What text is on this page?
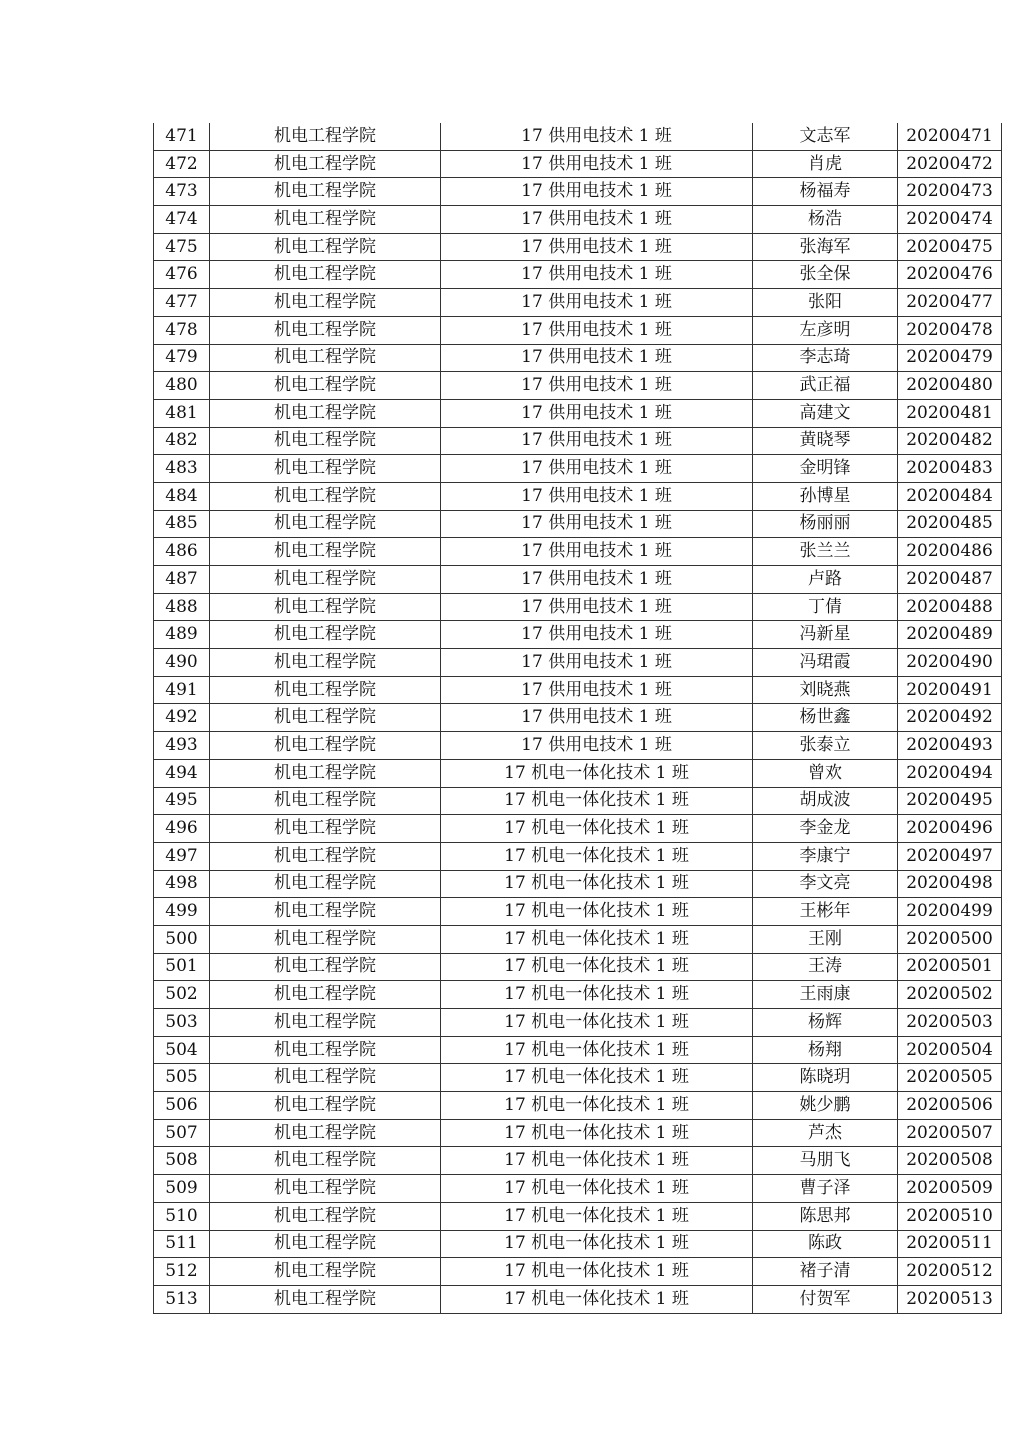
471	机电工程学院	17 供用电技术 1 班	文志军	20200471
472	机电工程学院	17 供用电技术 1 班	肖虎	20200472
473	机电工程学院	17 供用电技术 1 班	杨福寿	20200473
474	机电工程学院	17 供用电技术 1 班	杨浩	20200474
475	机电工程学院	17 供用电技术 1 班	张海军	20200475
476	机电工程学院	17 供用电技术 1 班	张全保	20200476
477	机电工程学院	17 供用电技术 1 班	张阳	20200477
478	机电工程学院	17 供用电技术 1 班	左彦明	20200478
479	机电工程学院	17 供用电技术 1 班	李志琦	20200479
480	机电工程学院	17 供用电技术 1 班	武正福	20200480
481	机电工程学院	17 供用电技术 1 班	高建文	20200481
482	机电工程学院	17 供用电技术 1 班	黄晓琴	20200482
483	机电工程学院	17 供用电技术 1 班	金明锋	20200483
484	机电工程学院	17 供用电技术 1 班	孙博星	20200484
485	机电工程学院	17 供用电技术 1 班	杨丽丽	20200485
486	机电工程学院	17 供用电技术 1 班	张兰兰	20200486
487	机电工程学院	17 供用电技术 1 班	卢路	20200487
488	机电工程学院	17 供用电技术 1 班	丁倩	20200488
489	机电工程学院	17 供用电技术 1 班	冯新星	20200489
490	机电工程学院	17 供用电技术 1 班	冯珺霞	20200490
491	机电工程学院	17 供用电技术 1 班	刘晓燕	20200491
492	机电工程学院	17 供用电技术 1 班	杨世鑫	20200492
493	机电工程学院	17 供用电技术 1 班	张泰立	20200493
494	机电工程学院	17 机电一体化技术 1 班	曾欢	20200494
495	机电工程学院	17 机电一体化技术 1 班	胡成波	20200495
496	机电工程学院	17 机电一体化技术 1 班	李金龙	20200496
497	机电工程学院	17 机电一体化技术 1 班	李康宁	20200497
498	机电工程学院	17 机电一体化技术 1 班	李文亮	20200498
499	机电工程学院	17 机电一体化技术 1 班	王彬年	20200499
500	机电工程学院	17 机电一体化技术 1 班	王刚	20200500
501	机电工程学院	17 机电一体化技术 1 班	王涛	20200501
502	机电工程学院	17 机电一体化技术 1 班	王雨康	20200502
503	机电工程学院	17 机电一体化技术 1 班	杨辉	20200503
504	机电工程学院	17 机电一体化技术 1 班	杨翔	20200504
505	机电工程学院	17 机电一体化技术 1 班	陈晓玥	20200505
506	机电工程学院	17 机电一体化技术 1 班	姚少鹏	20200506
507	机电工程学院	17 机电一体化技术 1 班	芦杰	20200507
508	机电工程学院	17 机电一体化技术 1 班	马朋飞	20200508
509	机电工程学院	17 机电一体化技术 1 班	曹子泽	20200509
510	机电工程学院	17 机电一体化技术 1 班	陈思邦	20200510
511	机电工程学院	17 机电一体化技术 1 班	陈政	20200511
512	机电工程学院	17 机电一体化技术 1 班	褚子清	20200512
513	机电工程学院	17 机电一体化技术 1 班	付贺军	20200513
